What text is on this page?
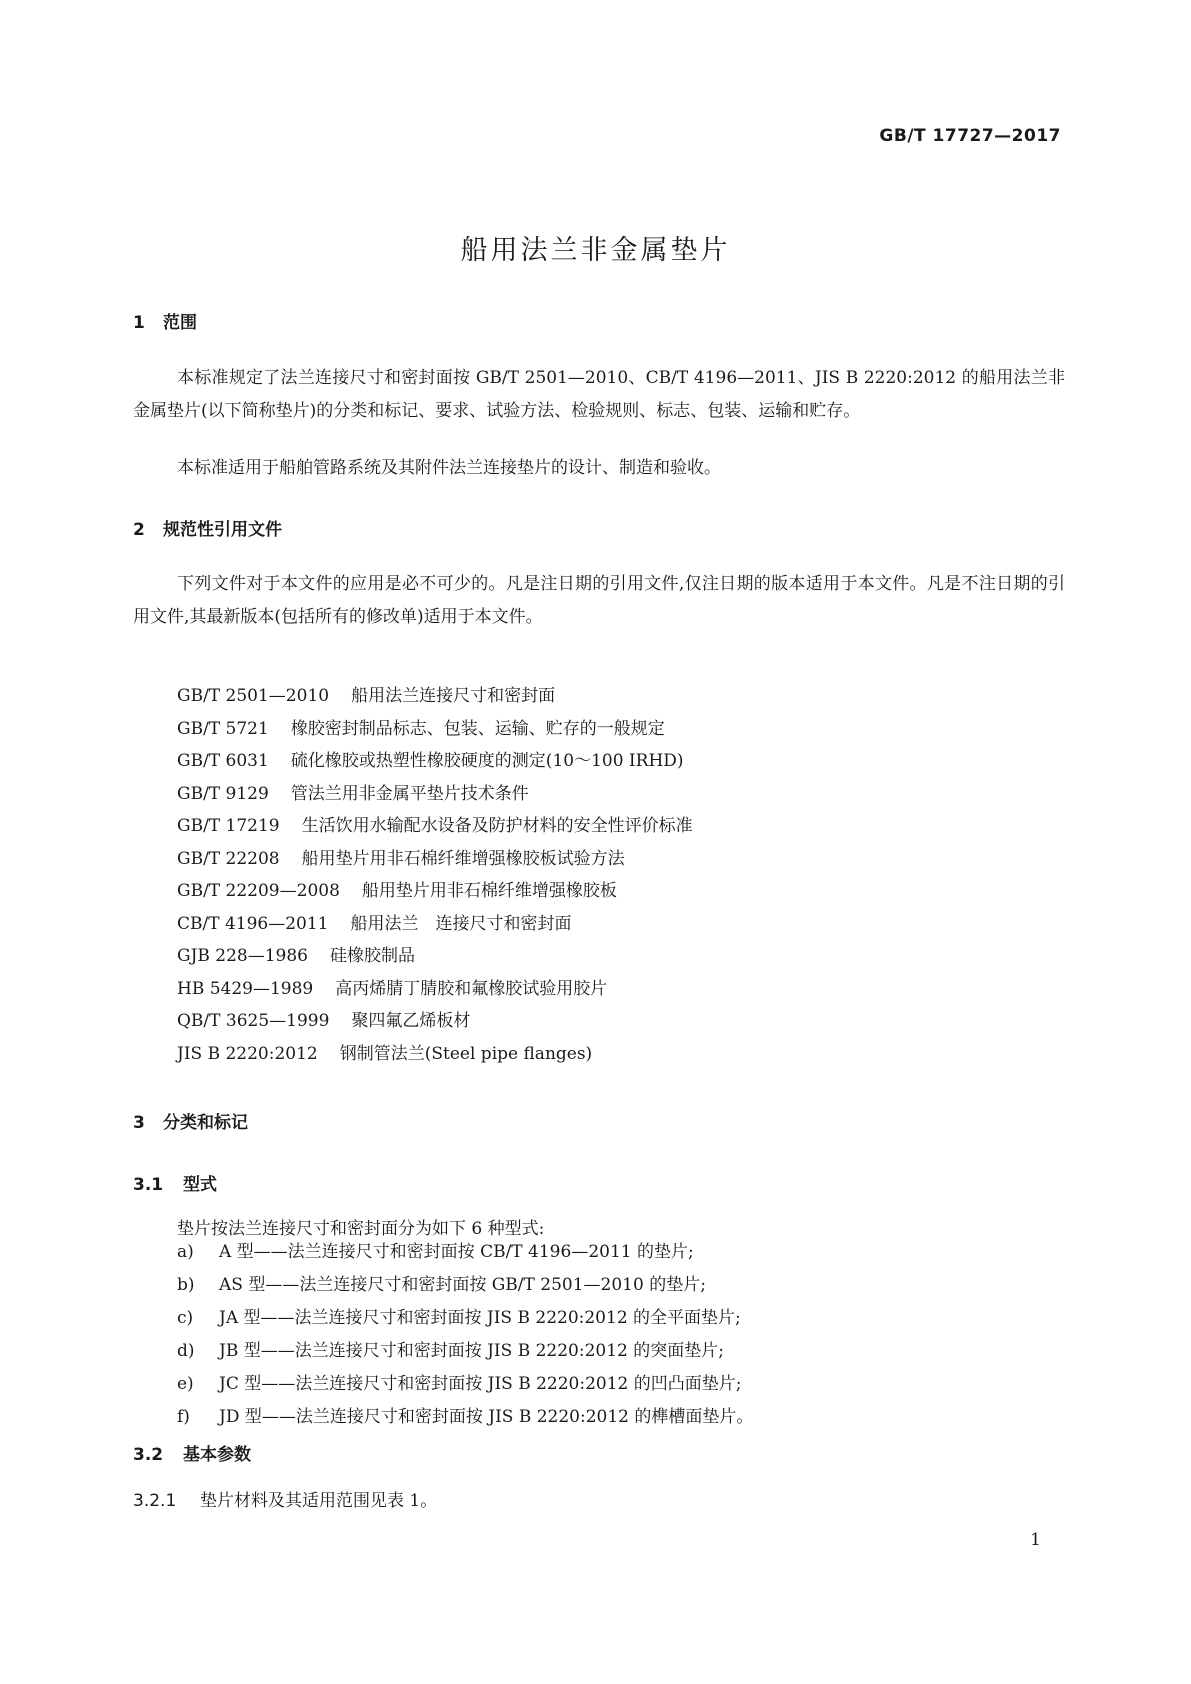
GB/T 17727—2017
船用法兰非金属垫片
1 范围

本标准规定了法兰连接尺寸和密封面按 GB/T 2501—2010、CB/T 4196—2011、JIS B 2220:2012 的船用法兰非金属垫片(以下简称垫片)的分类和标记、要求、试验方法、检验规则、标志、包装、运输和贮存。

本标准适用于船舶管路系统及其附件法兰连接垫片的设计、制造和验收。

2 规范性引用文件

下列文件对于本文件的应用是必不可少的。凡是注日期的引用文件,仅注日期的版本适用于本文件。凡是不注日期的引用文件,其最新版本(包括所有的修改单)适用于本文件。

GB/T 2501—2010 船用法兰连接尺寸和密封面
GB/T 5721 橡胶密封制品标志、包装、运输、贮存的一般规定
GB/T 6031 硫化橡胶或热塑性橡胶硬度的测定(10～100 IRHD)
GB/T 9129 管法兰用非金属平垫片技术条件
GB/T 17219 生活饮用水输配水设备及防护材料的安全性评价标准
GB/T 22208 船用垫片用非石棉纤维增强橡胶板试验方法
GB/T 22209—2008 船用垫片用非石棉纤维增强橡胶板
CB/T 4196—2011 船用法兰　连接尺寸和密封面
GJB 228—1986 硅橡胶制品
HB 5429—1989 高丙烯腈丁腈胶和氟橡胶试验用胶片
QB/T 3625—1999 聚四氟乙烯板材
JIS B 2220:2012 钢制管法兰(Steel pipe flanges)
3 分类和标记
3.1 型式
垫片按法兰连接尺寸和密封面分为如下 6 种型式:
a) A 型——法兰连接尺寸和密封面按 CB/T 4196—2011 的垫片;
b) AS 型——法兰连接尺寸和密封面按 GB/T 2501—2010 的垫片;
c) JA 型——法兰连接尺寸和密封面按 JIS B 2220:2012 的全平面垫片;
d) JB 型——法兰连接尺寸和密封面按 JIS B 2220:2012 的突面垫片;
e) JC 型——法兰连接尺寸和密封面按 JIS B 2220:2012 的凹凸面垫片;
f) JD 型——法兰连接尺寸和密封面按 JIS B 2220:2012 的榫槽面垫片。
3.2 基本参数
3.2.1 垫片材料及其适用范围见表 1。
1
